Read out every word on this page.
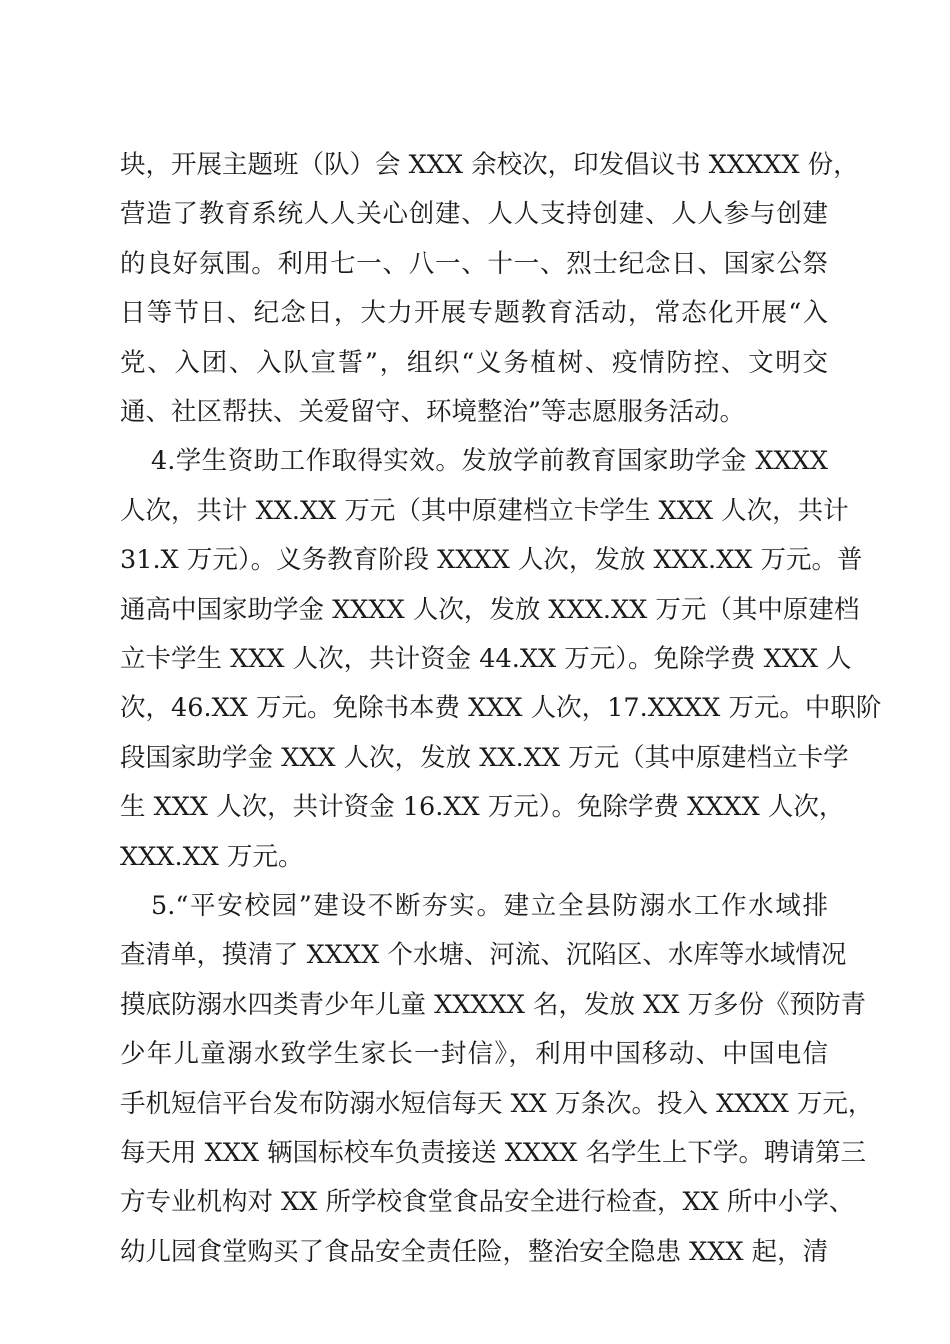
块，开展主题班（队）会 XXX 余校次，印发倡议书 XXXXX 份，
营造了教育系统人人关心创建、人人支持创建、人人参与创建
的良好氛围。利用七一、八一、十一、烈士纪念日、国家公祭
日等节日、纪念日，大力开展专题教育活动，常态化开展“入
党、入团、入队宣誓”，组织“义务植树、疫情防控、文明交
通、社区帮扶、关爱留守、环境整治”等志愿服务活动。
4.学生资助工作取得实效。发放学前教育国家助学金 XXXX
人次，共计 XX.XX 万元（其中原建档立卡学生 XXX 人次，共计
31.X 万元）。义务教育阶段 XXXX 人次，发放 XXX.XX 万元。普
通高中国家助学金 XXXX 人次，发放 XXX.XX 万元（其中原建档
立卡学生 XXX 人次，共计资金 44.XX 万元）。免除学费 XXX 人
次，46.XX 万元。免除书本费 XXX 人次，17.XXXX 万元。中职阶
段国家助学金 XXX 人次，发放 XX.XX 万元（其中原建档立卡学
生 XXX 人次，共计资金 16.XX 万元）。免除学费 XXXX 人次，
XXX.XX 万元。
5.“平安校园”建设不断夯实。建立全县防溺水工作水域排
查清单，摸清了 XXXX 个水塘、河流、沉陷区、水库等水域情况
摸底防溺水四类青少年儿童 XXXXX 名，发放 XX 万多份《预防青
少年儿童溺水致学生家长一封信》，利用中国移动、中国电信
手机短信平台发布防溺水短信每天 XX 万条次。投入 XXXX 万元，
每天用 XXX 辆国标校车负责接送 XXXX 名学生上下学。聘请第三
方专业机构对 XX 所学校食堂食品安全进行检查，XX 所中小学、
幼儿园食堂购买了食品安全责任险，整治安全隐患 XXX 起，清
